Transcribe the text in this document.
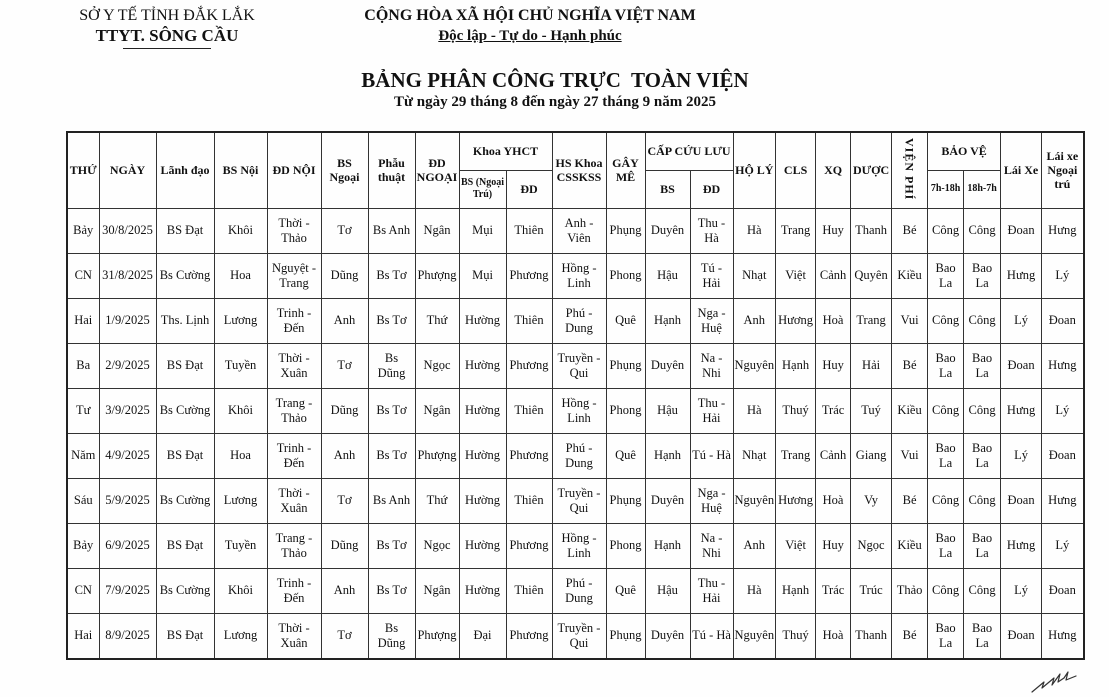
SỞ Y TẾ TỈNH ĐẮK LẮK
TTYT. SÔNG CẦU
CỘNG HÒA XÃ HỘI CHỦ NGHĨA VIỆT NAM
Độc lập - Tự do - Hạnh phúc
BẢNG PHÂN CÔNG TRỰC  TOÀN VIỆN
Từ ngày 29 tháng 8 đến ngày 27 tháng 9 năm 2025
THỨ	NGÀY	Lãnh đạo	BS Nội	ĐD NỘI	BS Ngoại	Phẫu thuật	ĐD NGOẠI	Khoa YHCT		HS Khoa CSSKSS	GÂY MÊ	CẤP CỨU LƯU		HỘ LÝ	CLS	XQ	DƯỢC	VIỆN PHÍ	BẢO VỆ		Lái Xe	Lái xe Ngoại trú
								BS (Ngoại Trú)	ĐD			BS	ĐD						7h-18h	18h-7h		
Bảy	30/8/2025	BS Đạt	Khôi	Thời - Thảo	Tơ	Bs Anh	Ngân	Mụi	Thiên	Anh - Viên	Phụng	Duyên	Thu - Hà	Hà	Trang	Huy	Thanh	Bé	Công	Công	Đoan	Hưng
CN	31/8/2025	Bs Cường	Hoa	Nguyệt - Trang	Dũng	Bs Tơ	Phượng	Mụi	Phương	Hồng - Linh	Phong	Hậu	Tú - Hải	Nhạt	Việt	Cảnh	Quyên	Kiều	Bao La	Bao La	Hưng	Lý
Hai	1/9/2025	Ths. Lịnh	Lương	Trinh - Đến	Anh	Bs Tơ	Thứ	Hường	Thiên	Phú - Dung	Quê	Hạnh	Nga - Huệ	Anh	Hương	Hoà	Trang	Vui	Công	Công	Lý	Đoan
Ba	2/9/2025	BS Đạt	Tuyền	Thời - Xuân	Tơ	Bs Dũng	Ngọc	Hường	Phương	Truyền - Qui	Phụng	Duyên	Na - Nhi	Nguyên	Hạnh	Huy	Hải	Bé	Bao La	Bao La	Đoan	Hưng
Tư	3/9/2025	Bs Cường	Khôi	Trang - Thảo	Dũng	Bs Tơ	Ngân	Hường	Thiên	Hồng - Linh	Phong	Hậu	Thu - Hải	Hà	Thuý	Trác	Tuý	Kiều	Công	Công	Hưng	Lý
Năm	4/9/2025	BS Đạt	Hoa	Trinh - Đến	Anh	Bs Tơ	Phượng	Hường	Phương	Phú - Dung	Quê	Hạnh	Tú - Hà	Nhạt	Trang	Cảnh	Giang	Vui	Bao La	Bao La	Lý	Đoan
Sáu	5/9/2025	Bs Cường	Lương	Thời - Xuân	Tơ	Bs Anh	Thứ	Hường	Thiên	Truyền - Qui	Phụng	Duyên	Nga - Huệ	Nguyên	Hương	Hoà	Vy	Bé	Công	Công	Đoan	Hưng
Bảy	6/9/2025	BS Đạt	Tuyền	Trang - Thảo	Dũng	Bs Tơ	Ngọc	Hường	Phương	Hồng - Linh	Phong	Hạnh	Na - Nhi	Anh	Việt	Huy	Ngọc	Kiều	Bao La	Bao La	Hưng	Lý
CN	7/9/2025	Bs Cường	Khôi	Trinh - Đến	Anh	Bs Tơ	Ngân	Hường	Thiên	Phú - Dung	Quê	Hậu	Thu - Hải	Hà	Hạnh	Trác	Trúc	Thảo	Công	Công	Lý	Đoan
Hai	8/9/2025	BS Đạt	Lương	Thời - Xuân	Tơ	Bs Dũng	Phượng	Đại	Phương	Truyền - Qui	Phụng	Duyên	Tú - Hà	Nguyên	Thuý	Hoà	Thanh	Bé	Bao La	Bao La	Đoan	Hưng
